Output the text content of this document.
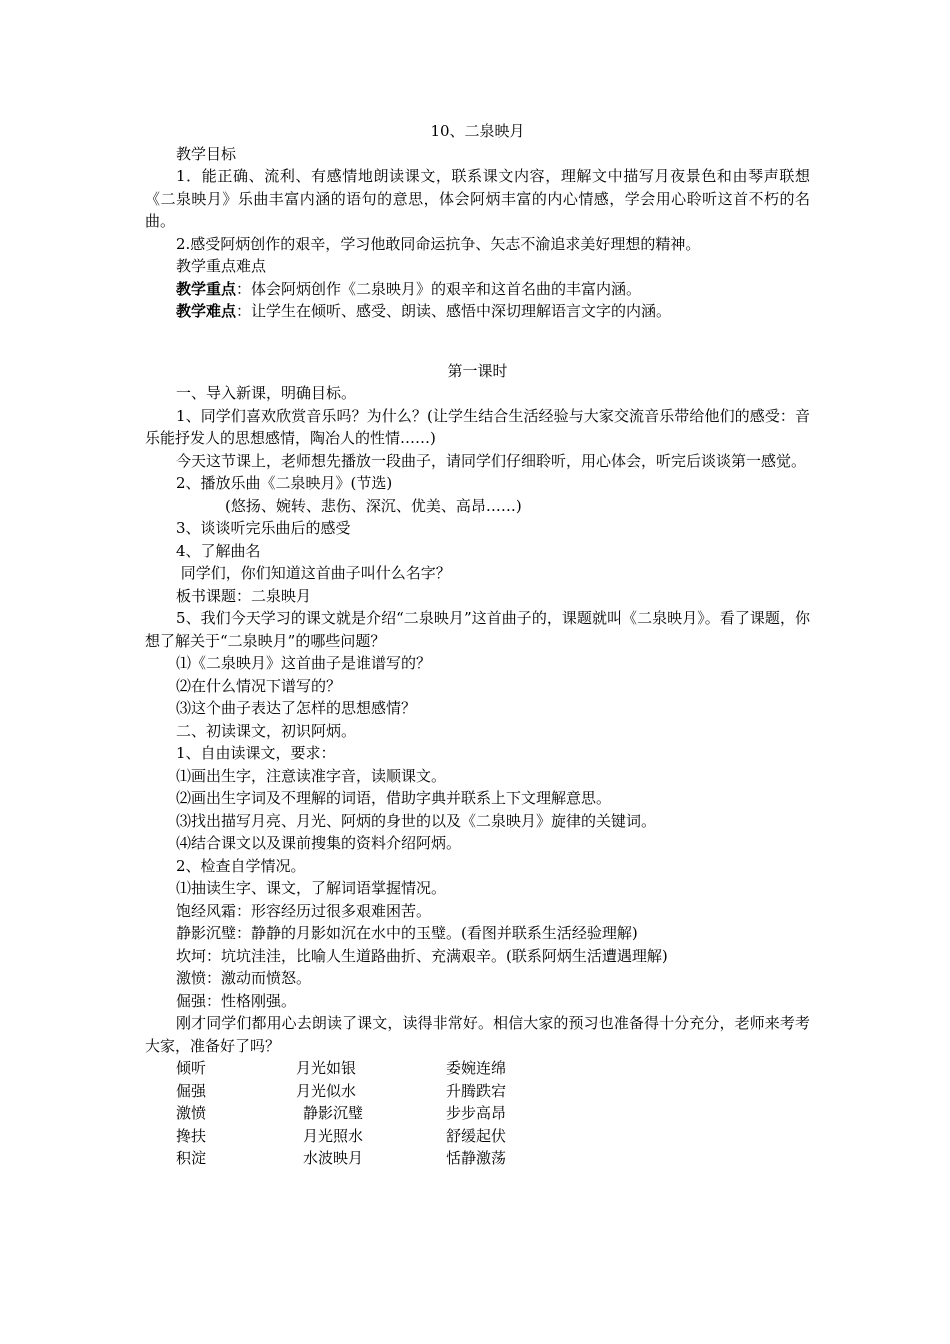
10、二泉映月
教学目标
1．能正确、流利、有感情地朗读课文，联系课文内容，理解文中描写月夜景色和由琴声联想《二泉映月》乐曲丰富内涵的语句的意思，体会阿炳丰富的内心情感，学会用心聆听这首不朽的名曲。
2.感受阿炳创作的艰辛，学习他敢同命运抗争、矢志不渝追求美好理想的精神。
教学重点难点
教学重点：体会阿炳创作《二泉映月》的艰辛和这首名曲的丰富内涵。
教学难点：让学生在倾听、感受、朗读、感悟中深切理解语言文字的内涵。
第一课时
一、导入新课，明确目标。
1、同学们喜欢欣赏音乐吗？为什么？(让学生结合生活经验与大家交流音乐带给他们的感受：音乐能抒发人的思想感情，陶冶人的性情……)
今天这节课上，老师想先播放一段曲子，请同学们仔细聆听，用心体会，听完后谈谈第一感觉。
2、播放乐曲《二泉映月》(节选)
(悠扬、婉转、悲伤、深沉、优美、高昂……)
3、谈谈听完乐曲后的感受
4、了解曲名
同学们，你们知道这首曲子叫什么名字？
板书课题：二泉映月
5、我们今天学习的课文就是介绍“二泉映月”这首曲子的，课题就叫《二泉映月》。看了课题，你想了解关于“二泉映月”的哪些问题？
⑴《二泉映月》这首曲子是谁谱写的？
⑵在什么情况下谱写的？
⑶这个曲子表达了怎样的思想感情？
二、初读课文，初识阿炳。
1、自由读课文，要求：
⑴画出生字，注意读准字音，读顺课文。
⑵画出生字词及不理解的词语，借助字典并联系上下文理解意思。
⑶找出描写月亮、月光、阿炳的身世的以及《二泉映月》旋律的关键词。
⑷结合课文以及课前搜集的资料介绍阿炳。
2、检查自学情况。
⑴抽读生字、课文，了解词语掌握情况。
饱经风霜：形容经历过很多艰难困苦。
静影沉璧：静静的月影如沉在水中的玉璧。(看图并联系生活经验理解)
坎坷：坑坑洼洼，比喻人生道路曲折、充满艰辛。(联系阿炳生活遭遇理解)
激愤：激动而愤怒。
倔强：性格刚强。
刚才同学们都用心去朗读了课文，读得非常好。相信大家的预习也准备得十分充分，老师来考考大家，准备好了吗？
倾听	月光如银	委婉连绵
倔强	月光似水	升腾跌宕
激愤	静影沉璧	步步高昂
搀扶	月光照水	舒缓起伏
积淀	水波映月	恬静激荡
